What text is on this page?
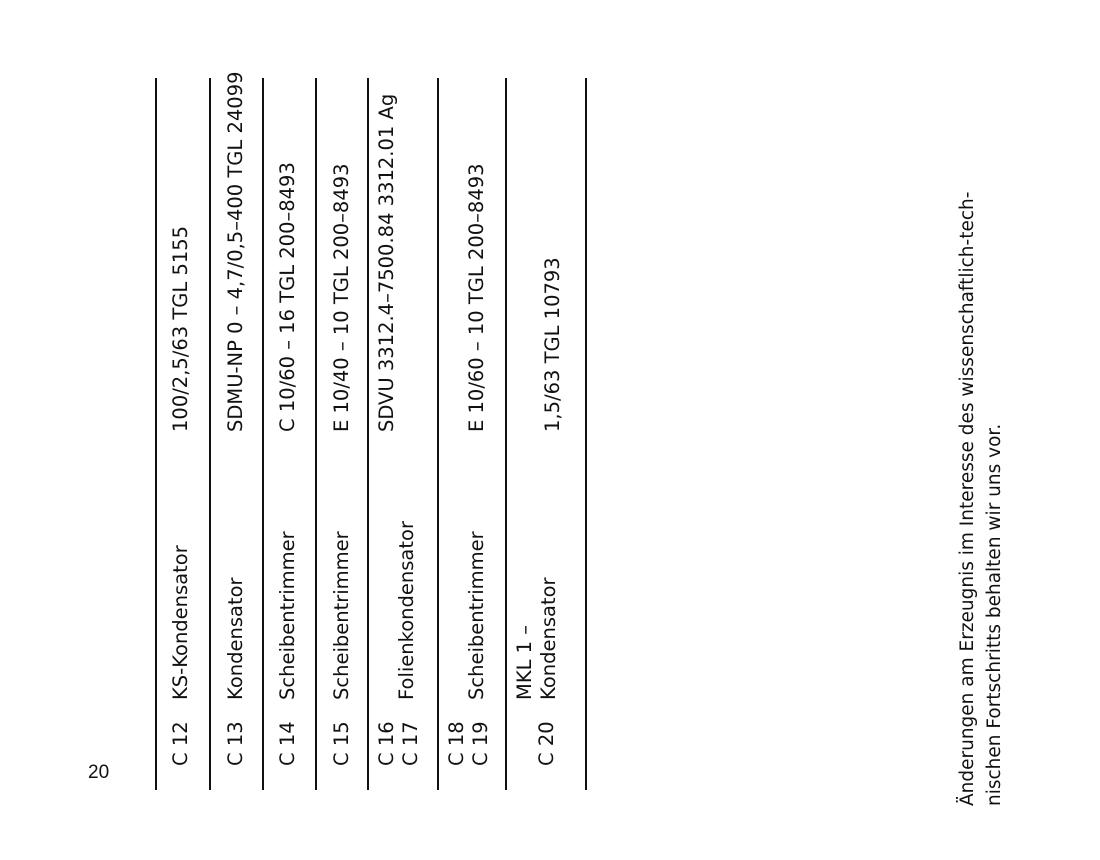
20
C 12
KS-Kondensator
100/2,5/63 TGL 5155
C 13
Kondensator
SDMU-NP 0 – 4,7/0,5–400 TGL 24099
C 14
Scheibentrimmer
C 10/60 – 16 TGL 200–8493
C 15
Scheibentrimmer
E 10/40 – 10 TGL 200–8493
C 16 C 17
Folienkondensator
SDVU 3312.4–7500.84 3312.01 Ag
C 18 C 19
Scheibentrimmer
E 10/60 – 10 TGL 200–8493
C 20
MKL 1 – Kondensator
1,5/63 TGL 10793	Änderungen am Erzeugnis im Interesse des wissenschaftlich-tech- nischen Fortschritts behalten wir uns vor.
